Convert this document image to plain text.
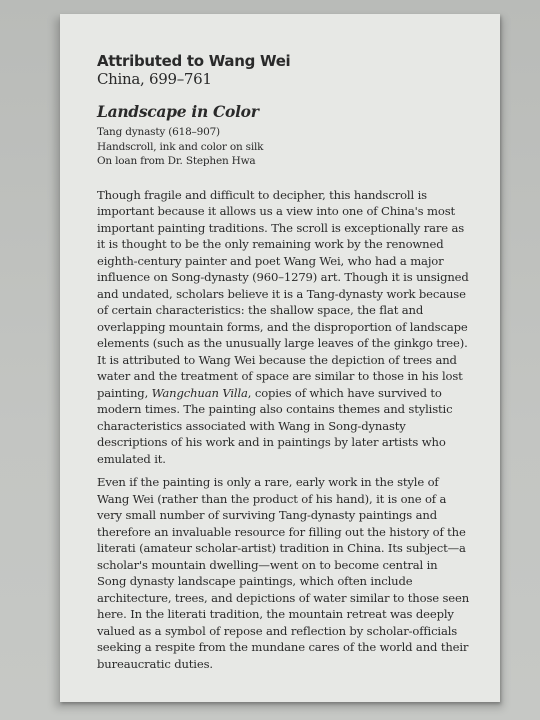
Attributed to Wang Wei

China, 699–761

Landscape in Color

Tang dynasty (618–907)

Handscroll, ink and color on silk

On loan from Dr. Stephen Hwa

Though fragile and difficult to decipher, this handscroll is important because it allows us a view into one of China's most important painting traditions. The scroll is exceptionally rare as it is thought to be the only remaining work by the renowned eighth-century painter and poet Wang Wei, who had a major influence on Song-dynasty (960–1279) art. Though it is unsigned and undated, scholars believe it is a Tang-dynasty work because of certain characteristics: the shallow space, the flat and overlapping mountain forms, and the disproportion of landscape elements (such as the unusually large leaves of the ginkgo tree). It is attributed to Wang Wei because the depiction of trees and water and the treatment of space are similar to those in his lost painting, Wangchuan Villa, copies of which have survived to modern times. The painting also contains themes and stylistic characteristics associated with Wang in Song-dynasty descriptions of his work and in paintings by later artists who emulated it.

Even if the painting is only a rare, early work in the style of Wang Wei (rather than the product of his hand), it is one of a very small number of surviving Tang-dynasty paintings and therefore an invaluable resource for filling out the history of the literati (amateur scholar-artist) tradition in China. Its subject—a scholar's mountain dwelling—went on to become central in Song dynasty landscape paintings, which often include architecture, trees, and depictions of water similar to those seen here. In the literati tradition, the mountain retreat was deeply valued as a symbol of repose and reflection by scholar-officials seeking a respite from the mundane cares of the world and their bureaucratic duties.
